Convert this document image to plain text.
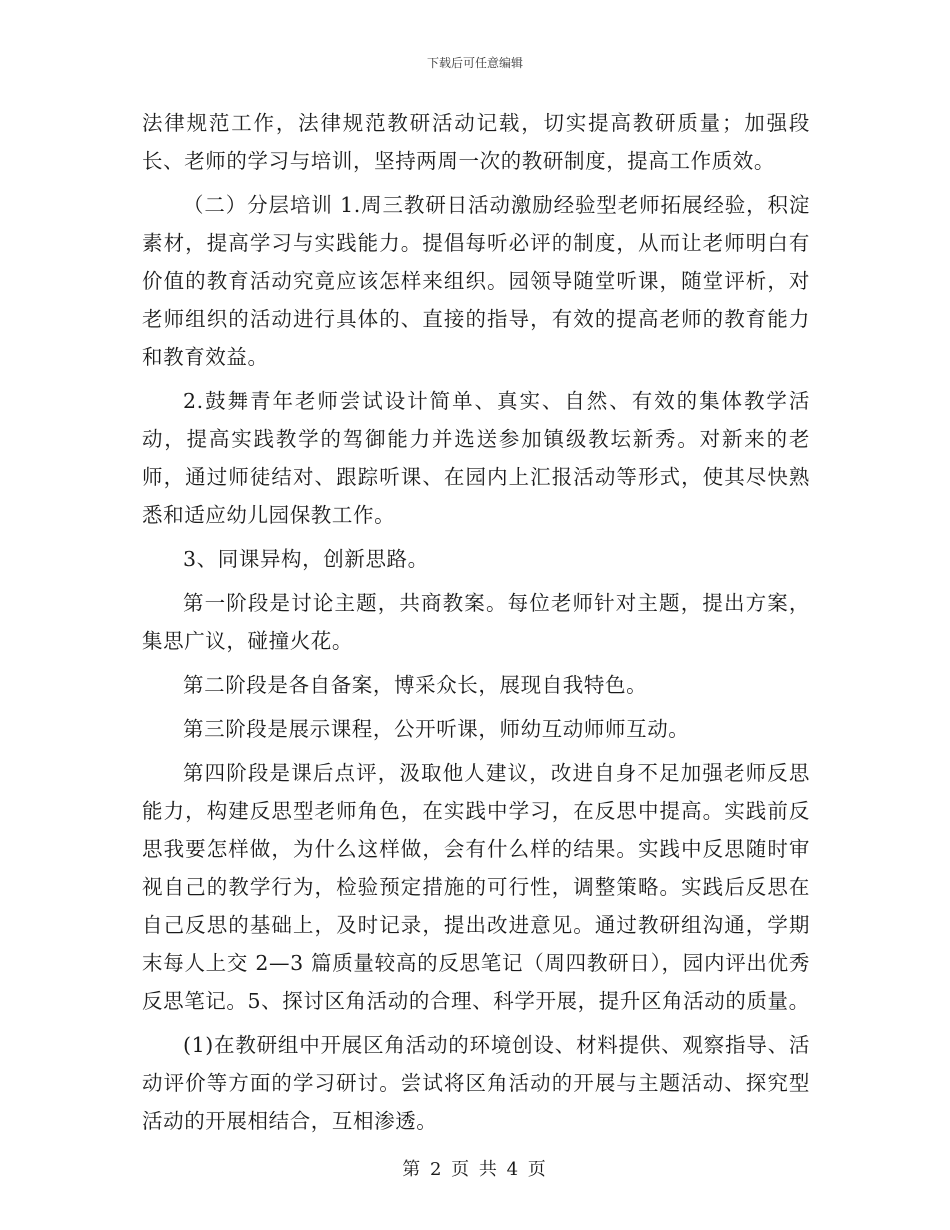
下载后可任意编辑

法律规范工作，法律规范教研活动记载，切实提高教研质量；加强段长、老师的学习与培训，坚持两周一次的教研制度，提高工作质效。

（二）分层培训 1.周三教研日活动激励经验型老师拓展经验，积淀素材，提高学习与实践能力。提倡每听必评的制度，从而让老师明白有价值的教育活动究竟应该怎样来组织。园领导随堂听课，随堂评析，对老师组织的活动进行具体的、直接的指导，有效的提高老师的教育能力和教育效益。

2.鼓舞青年老师尝试设计简单、真实、自然、有效的集体教学活动，提高实践教学的驾御能力并选送参加镇级教坛新秀。对新来的老师，通过师徒结对、跟踪听课、在园内上汇报活动等形式，使其尽快熟悉和适应幼儿园保教工作。

3、同课异构，创新思路。

第一阶段是讨论主题，共商教案。每位老师针对主题，提出方案，集思广议，碰撞火花。

第二阶段是各自备案，博采众长，展现自我特色。

第三阶段是展示课程，公开听课，师幼互动师师互动。

第四阶段是课后点评，汲取他人建议，改进自身不足加强老师反思能力，构建反思型老师角色，在实践中学习，在反思中提高。实践前反思我要怎样做，为什么这样做，会有什么样的结果。实践中反思随时审视自己的教学行为，检验预定措施的可行性，调整策略。实践后反思在自己反思的基础上，及时记录，提出改进意见。通过教研组沟通，学期末每人上交 2—3 篇质量较高的反思笔记（周四教研日），园内评出优秀反思笔记。5、探讨区角活动的合理、科学开展，提升区角活动的质量。

(1)在教研组中开展区角活动的环境创设、材料提供、观察指导、活动评价等方面的学习研讨。尝试将区角活动的开展与主题活动、探究型活动的开展相结合，互相渗透。

第 2 页 共 4 页
